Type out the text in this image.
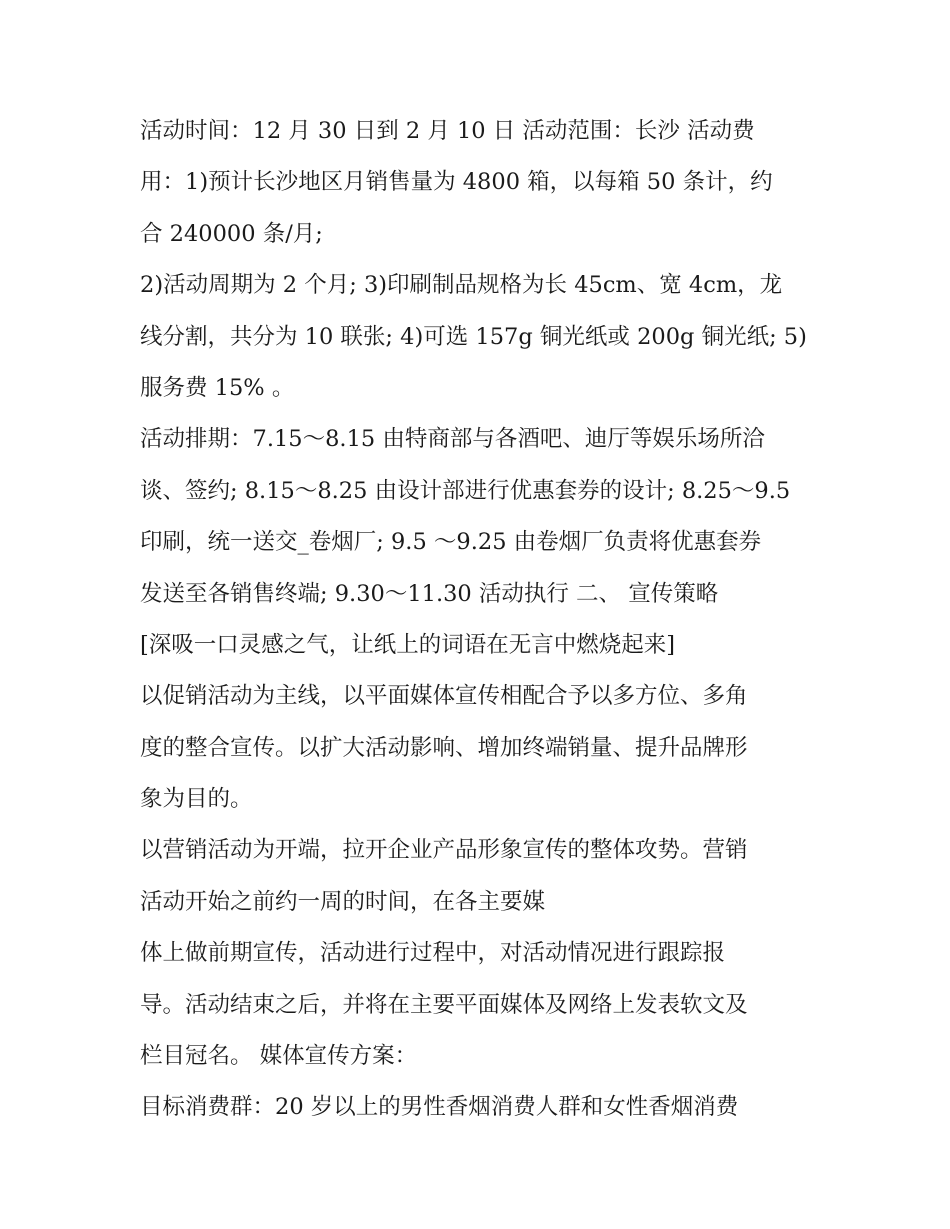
活动时间：12 月 30 日到 2 月 10 日 活动范围：长沙 活动费
用：1)预计长沙地区月销售量为 4800 箱，以每箱 50 条计，约
合 240000 条/月;
2)活动周期为 2 个月; 3)印刷制品规格为长 45cm、宽 4cm，龙
线分割，共分为 10 联张; 4)可选 157g 铜光纸或 200g 铜光纸; 5)
服务费 15% 。
活动排期：7.15～8.15 由特商部与各酒吧、迪厅等娱乐场所洽
谈、签约; 8.15～8.25 由设计部进行优惠套券的设计; 8.25～9.5
印刷，统一送交_卷烟厂; 9.5 ～9.25 由卷烟厂负责将优惠套券
发送至各销售终端; 9.30～11.30 活动执行 二、 宣传策略
[深吸一口灵感之气，让纸上的词语在无言中燃烧起来]
以促销活动为主线，以平面媒体宣传相配合予以多方位、多角
度的整合宣传。以扩大活动影响、增加终端销量、提升品牌形
象为目的。
以营销活动为开端，拉开企业产品形象宣传的整体攻势。营销
活动开始之前约一周的时间，在各主要媒
体上做前期宣传，活动进行过程中，对活动情况进行跟踪报
导。活动结束之后，并将在主要平面媒体及网络上发表软文及
栏目冠名。 媒体宣传方案：
目标消费群：20 岁以上的男性香烟消费人群和女性香烟消费
